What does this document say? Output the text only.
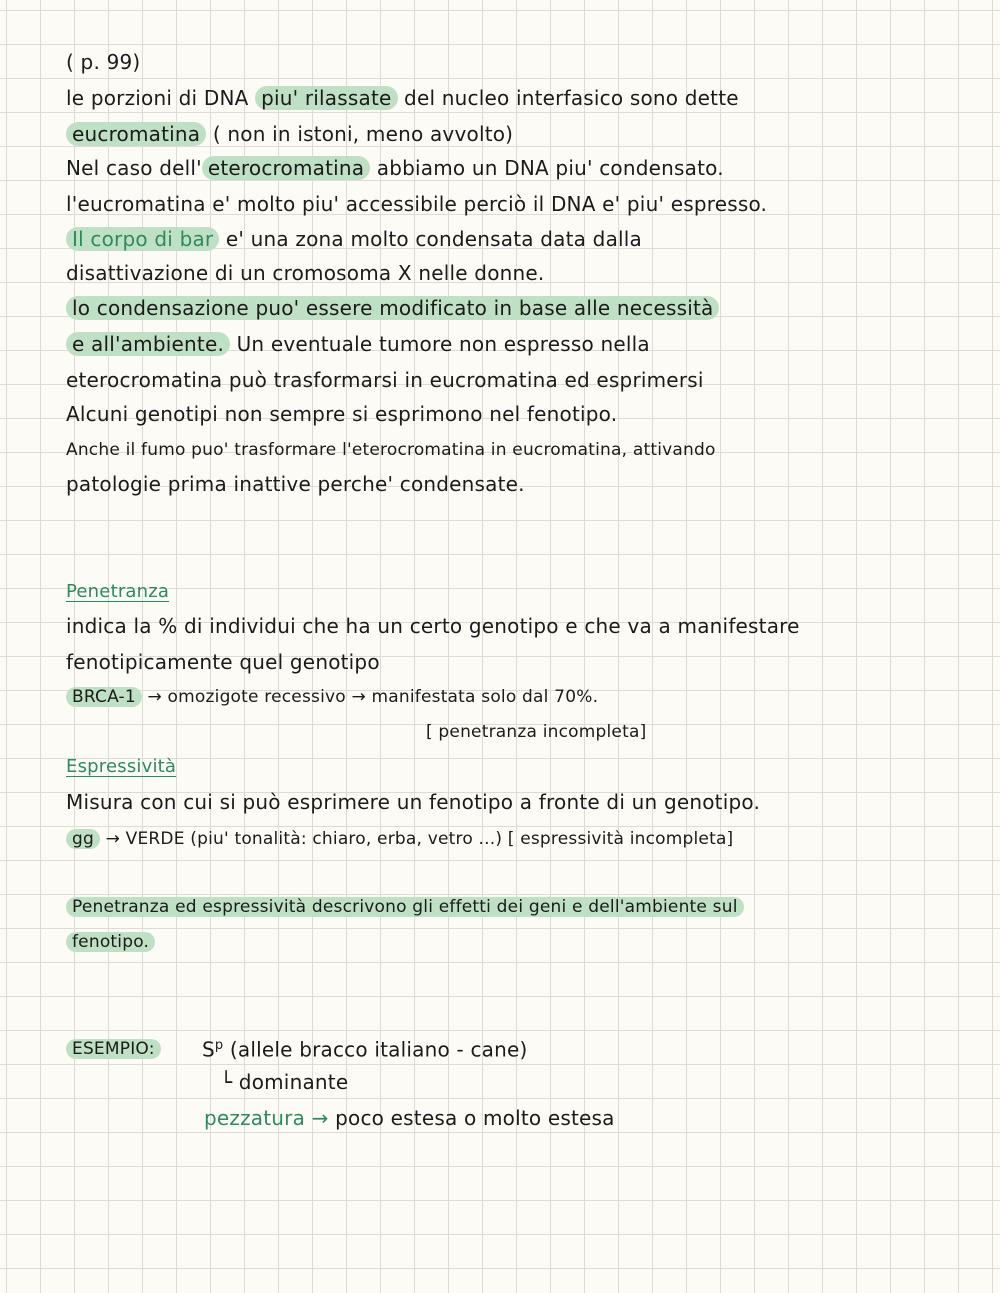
( p. 99)
le porzioni di DNA piu' rilassate del nucleo interfasico sono dette
eucromatina ( non in istoni, meno avvolto)
Nel caso dell' eterocromatina abbiamo un DNA piu' condensato.
l'eucromatina e' molto piu' accessibile perciò il DNA e' piu' espresso.
Il corpo di bar e' una zona molto condensata data dalla
disattivazione di un cromosoma X nelle donne.
lo condensazione puo' essere modificato in base alle necessità
e all'ambiente. Un eventuale tumore non espresso nella
eterocromatina può trasformarsi in eucromatina ed esprimersi
Alcuni genotipi non sempre si esprimono nel fenotipo.
Anche il fumo puo' trasformare l'eterocromatina in eucromatina, attivando
patologie prima inattive perche' condensate.
Penetranza
indica la % di individui che ha un certo genotipo e che va a manifestare
fenotipicamente quel genotipo
BRCA-1 → omozigote recessivo → manifestata solo dal 70%.
[ penetranza incompleta]
Espressività
Misura con cui si può esprimere un fenotipo a fronte di un genotipo.
gg → VERDE (piu' tonalità: chiaro, erba, vetro ...) [ espressività incompleta]
Penetranza ed espressività descrivono gli effetti dei geni e dell'ambiente sul
fenotipo.
ESEMPIO:	$S^p$ (allele bracco italiano - cane)
└ dominante
pezzatura → poco estesa o molto estesa
